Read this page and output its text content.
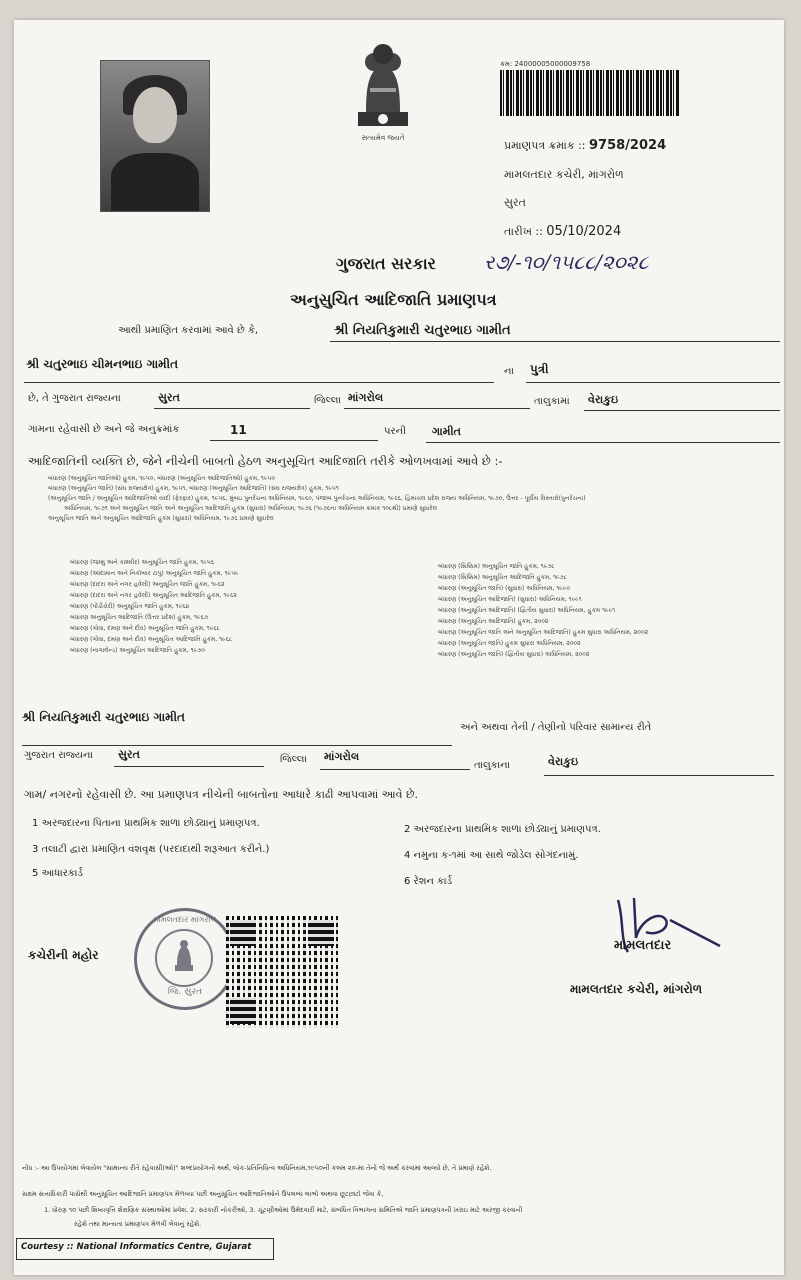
સત્યમેવ જયતે
ક્રમ: 24000005000009758
પ્રમાણપત્ર ક્રમાંક :: 9758/2024
મામલતદાર કચેરી, માંગરોળ
સુરત
તારીખ :: 05/10/2024
ગુજરાત સરકાર ર૭/-૧૦/૧૫૮૮/૨૦૨૮
અનુસુચિત આદિજાતિ પ્રમાણપત્ર
આથી પ્રમાણિત કરવામાં આવે છે કે,	શ્રી નિયતિકુમારી ચતુરભાઇ ગામીત
શ્રી ચતુરભાઇ ચીમનભાઇ ગામીત
ના પુત્રી
છે, તે ગુજરાત રાજ્યના	સુરત	જિલ્લા માંગરોલ	તાલુકામાં વેરાકુઇ
ગામના રહેવાસી છે અને જે અનુક્રમાંક	11	પરની ગામીત
આદિજાતિની વ્યક્તિ છે, જેને નીચેની બાબતો હેઠળ અનુસૂચિત આદિજાતિ તરીકે ઓળખવામાં આવે છે :-
બંધારણ (અનુસૂચિત જાતિઓ) હુકમ, ૧૯૫૦, બંધારણ (અનુસૂચિત આદિજાતિઓ) હુકમ, ૧૯૫૦
બંધારણ (અનુસૂચિત જાતિ) (સંઘ રાજ્યક્ષેત્ર) હુકમ, ૧૯૫૧, બંધારણ (અનુસૂચિત આદિજાતિ) (સંઘ રાજ્યક્ષેત્ર) હુકમ, ૧૯૫૧
(અનુસૂચિત જાતિ / અનુસૂચિત આદિજાતિઓ યાદી (ફેરફાર) હુકમ, ૧૯૫૬, મુંબઇ પુનર્રચના અધિનિયમ, ૧૯૬૦, પંજાબ પુનર્રચના અધિનિયમ, ૧૯૬૬, હિમાચલ પ્રદેશ રાજ્ય અધિનિયમ, ૧૯૭૦, ઉત્તર - પૂર્વીય વિસ્તારો(પુનર્રચના)
અધિનિયમ, ૧૯૭૧ અને અનુસૂચિત જાતિ અને અનુસૂચિત આદિજાતિ હુકમ (સુધારા) અધિનિયમ, ૧૯૭૬ (૧૯૭૬ના અધિનિયમ ક્રમાંક ૧૦૮થી) પ્રમાણે સુધારેલ
અનુસૂચિત જાતિ અને અનુસૂચિત આદિજાતિ હુકમ (સુધારા) અધિનિયમ, ૧૯૭૬ પ્રમાણે સુધારેલ
બંધારણ (જમ્મુ અને કાશ્મીર) અનુસૂચિત જાતિ હુકમ, ૧૯૫૬
બંધારણ (આંદામાન અને નિકોબાર ટાપુ) અનુસૂચિત જાતિ હુકમ, ૧૯૫૯
બંધારણ (દાદરા અને નગર હવેલી) અનુસૂચિત જાતિ હુકમ, ૧૯૬૨
બંધારણ (દાદરા અને નગર હવેલી) અનુસૂચિત આદિજાતિ હુકમ, ૧૯૬૨
બંધારણ (પોંડીચેરી) અનુસૂચિત જાતિ હુકમ, ૧૯૬૪
બંધારણ અનુસૂચિત આદિજાતિ (ઉત્તર પ્રદેશ) હુકમ, ૧૯૬૭
બંધારણ (ગોવા, દમણ અને દીવ) અનુસૂચિત જાતિ હુકમ, ૧૯૬૮
બંધારણ (ગોવા, દમણ અને દીવ) અનુસૂચિત આદિજાતિ હુકમ, ૧૯૬૮
બંધારણ (નાગાલેન્ડ) અનુસૂચિત આદિજાતિ હુકમ, ૧૯૭૦
બંધારણ (સિક્કિમ) અનુસૂચિત જાતિ હુકમ, ૧૯૭૮
બંધારણ (સિક્કિમ) અનુસૂચિત આદિજાતિ હુકમ, ૧૯૭૮
બંધારણ (અનુસૂચિત જાતિ) (સુધારા) અધિનિયમ, ૧૯૯૦
બંધારણ (અનુસૂચિત આદિજાતિ) (સુધારા) અધિનિયમ, ૧૯૯૧
બંધારણ (અનુસૂચિત આદિજાતિ) (દ્વિતીય સુધારા) અધિનિયમ, હુકમ ૧૯૯૧
બંધારણ (અનુસૂચિત આદિજાતિ) હુકમ, ૨૦૦૨
બંધારણ (અનુસૂચિત જાતિ અને અનુસૂચિત આદિજાતિ) હુકમ સુધારા અધિનિયમ, ૨૦૦૨
બંધારણ (અનુસૂચિત જાતિ) હુકમ સુધારા અધિનિયમ, ૨૦૦૨
બંધારણ (અનુસૂચિત જાતિ) (દ્વિતીય સુધારા) અધિનિયમ, ૨૦૦૨
શ્રી નિયતિકુમારી ચતુરભાઇ ગામીત
અને અથવા તેની / તેણીનો પરિવાર સામાન્ય રીતે
ગુજરાત રાજ્યના સુરત	જિલ્લા માંગરોલ
તાલુકાના	વેરાકુઇ
ગામ/ નગરનો રહેવાસી છે. આ પ્રમાણપત્ર નીચેની બાબતોના આધારે કાઢી આપવામાં આવે છે.
1 અરજદારના પિતાના પ્રાથમિક શાળા છોડ્યાનું પ્રમાણપત્ર.
2 અરજદારના પ્રાથમિક શાળા છોડ્યાનું પ્રમાણપત્ર.
3 તલાટી દ્વારા પ્રમાણિત વંશવૃક્ષ (પરદાદાથી શરૂઆત કરીને.)
4 નમુના ક-૧માં આ સાથે જોડેલ સોગંદનામું.
5 આધારકાર્ડ
6 રેશન કાર્ડ
કચેરીની મહોર
મામલતદાર માંગરોળ
જિ. સુરત
મામલતદાર
મામલતદાર કચેરી, માંગરોળ
નોંધ :- આ ઉપયોગમાં લેવાયેલ "સામાન્ય રીતે રહેવાસી(ઓ)" શબ્દપ્રયોગનો અર્થ, લોક-પ્રતિનિધિત્વ અધિનિયમ,૧૯૫૦ની કલમ ૨૦-માં તેનો જે અર્થ કરવામાં આવ્યો છે, તે પ્રમાણે રહેશે.
સક્ષમ સત્તાધિકારી પાસેથી અનુસૂચિત આદિજાતિ પ્રમાણપત્ર મેળવ્યા પછી અનુસૂચિત આદિજાતિઓને ઉપલબ્ધ લાભો અથવા છૂટછાટો જેવા કે,
1. ધોરણ ૧૦ પછી શિષ્યવૃત્તિ શૈક્ષણિક સંસ્થાઓમાં પ્રવેશ, 2. સરકારી નોકરીઓ, 3. ચૂંટણીઓમાં ઉમેદવારી માટે, સંબંધિત વિભાગના સમિતિએ જાતિ પ્રમાણપત્રની ખરાઇ માટે અરજી કરવાની
રહેશે તથા માન્યતા પ્રમાણપત્ર મેળવી લેવાનું રહેશે.
Courtesy :: National Informatics Centre, Gujarat
